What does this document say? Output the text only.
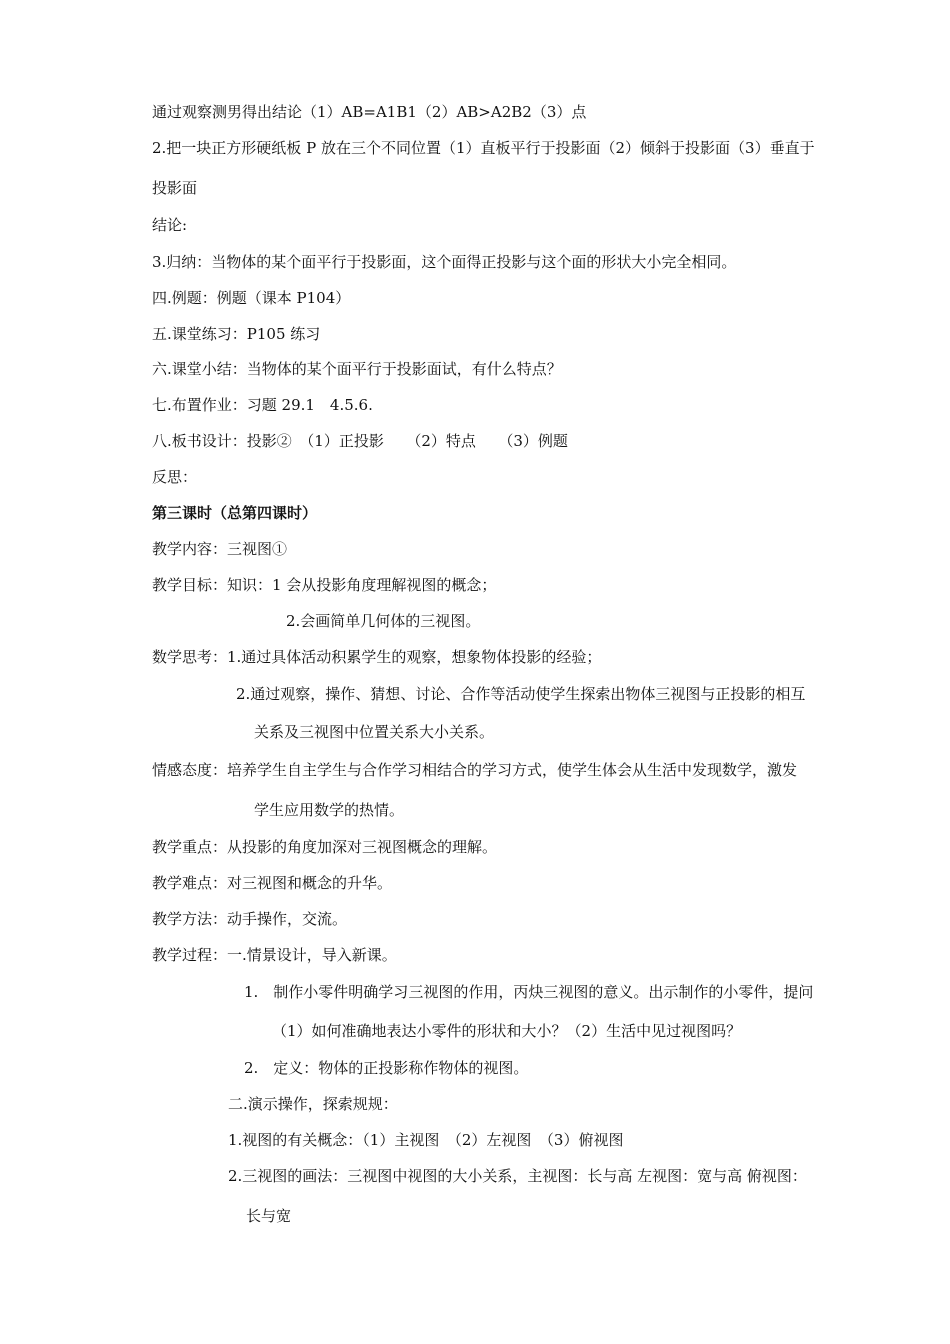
通过观察测男得出结论（1）AB=A1B1（2）AB>A2B2（3）点
2.把一块正方形硬纸板 P 放在三个不同位置（1）直板平行于投影面（2）倾斜于投影面（3）垂直于
投影面
结论:
3.归纳：当物体的某个面平行于投影面，这个面得正投影与这个面的形状大小完全相同。
四.例题：例题（课本 P104）
五.课堂练习：P105 练习
六.课堂小结：当物体的某个面平行于投影面试，有什么特点？
七.布置作业：习题 29.1　4.5.6.
八.板书设计：投影②　（1）正投影　　（2）特点　　（3）例题
反思：
第三课时（总第四课时）
教学内容：三视图①
教学目标：知识：1 会从投影角度理解视图的概念；
2.会画简单几何体的三视图。
数学思考：1.通过具体活动积累学生的观察，想象物体投影的经验；
2.通过观察，操作、猜想、讨论、合作等活动使学生探索出物体三视图与正投影的相互
关系及三视图中位置关系大小关系。
情感态度：培养学生自主学生与合作学习相结合的学习方式，使学生体会从生活中发现数学，激发
学生应用数学的热情。
教学重点：从投影的角度加深对三视图概念的理解。
教学难点：对三视图和概念的升华。
教学方法：动手操作，交流。
教学过程：一.情景设计，导入新课。
1.　制作小零件明确学习三视图的作用，丙炔三视图的意义。出示制作的小零件，提问
（1）如何准确地表达小零件的形状和大小？（2）生活中见过视图吗？
2.　定义：物体的正投影称作物体的视图。
二.演示操作，探索规规：
1.视图的有关概念：（1）主视图　（2）左视图　（3）俯视图
2.三视图的画法：三视图中视图的大小关系，主视图：长与高 左视图：宽与高 俯视图：
长与宽
